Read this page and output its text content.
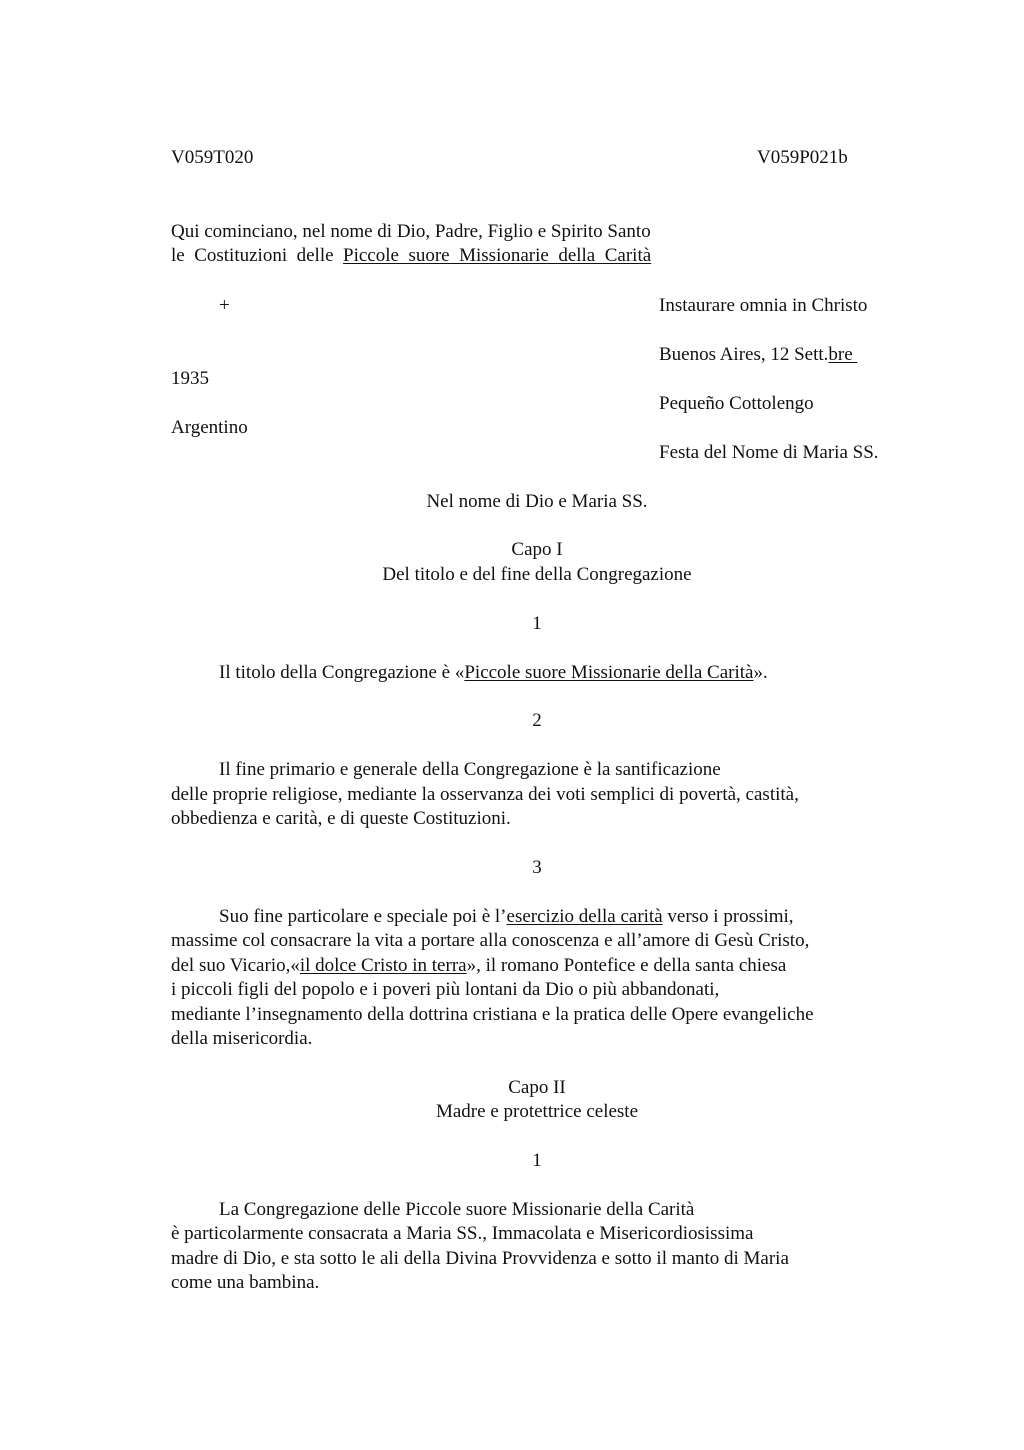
V059T020	V059P021b
Qui cominciano, nel nome di Dio, Padre, Figlio e Spirito Santo
le  Costituzioni  delle  Piccole  suore  Missionarie  della  Carità
+	Instaurare omnia in Christo
Buenos Aires, 12 Sett.bre
1935
Pequeño Cottolengo
Argentino
Festa del Nome di Maria SS.
Nel nome di Dio e Maria SS.
Capo I
Del titolo e del fine della Congregazione
1
Il titolo della Congregazione è «Piccole suore Missionarie della Carità».
2
Il fine primario e generale della Congregazione è la santificazione
delle proprie religiose, mediante la osservanza dei voti semplici di povertà, castità,
obbedienza e carità, e di queste Costituzioni.
3
Suo fine particolare e speciale poi è l’esercizio della carità verso i prossimi,
massime col consacrare la vita a portare alla conoscenza e all’amore di Gesù Cristo,
del suo Vicario,«il dolce Cristo in terra», il romano Pontefice e della santa chiesa
i piccoli figli del popolo e i poveri più lontani da Dio o più abbandonati,
mediante l’insegnamento della dottrina cristiana e la pratica delle Opere evangeliche
della misericordia.
Capo II
Madre e protettrice celeste
1
La Congregazione delle Piccole suore Missionarie della Carità
è particolarmente consacrata a Maria SS., Immacolata e Misericordiosissima
madre di Dio, e sta sotto le ali della Divina Provvidenza e sotto il manto di Maria
come una bambina.
